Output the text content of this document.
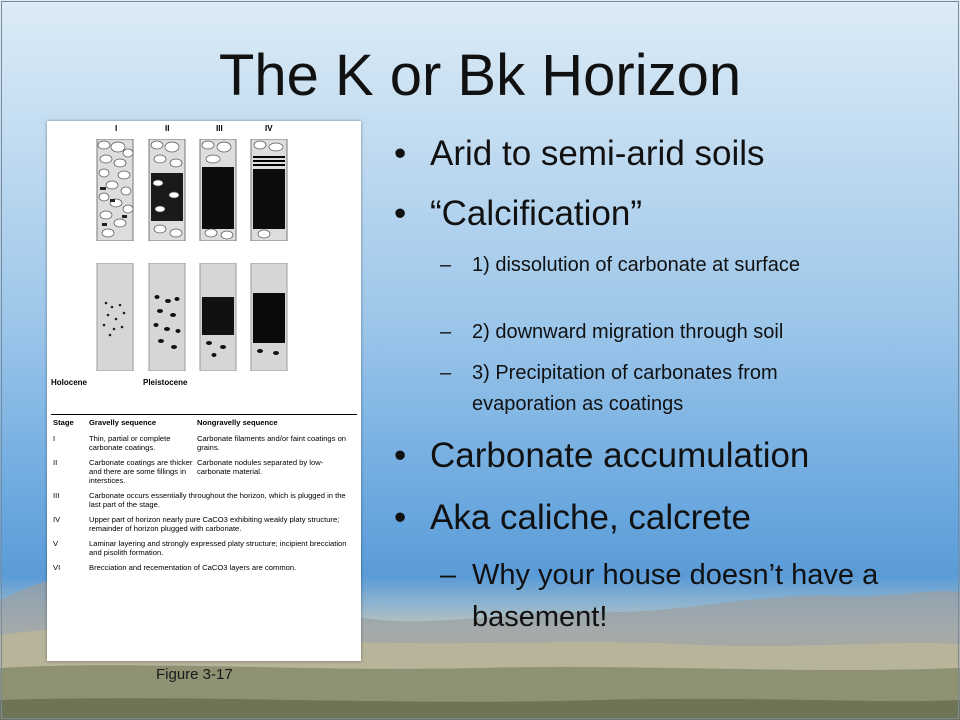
The K or Bk Horizon
I	II	III	IV
Holocene	Pleistocene
Stage	Gravelly sequence	Nongravelly sequence
I	Thin, partial or complete carbonate coatings.	Carbonate filaments and/or faint coatings on grains.
II	Carbonate coatings are thicker and there are some fillings in interstices.	Carbonate nodules separated by low-carbonate material.
III	Carbonate occurs essentially throughout the horizon, which is plugged in the last part of the stage.	
IV	Upper part of horizon nearly pure CaCO3 exhibiting weakly platy structure; remainder of horizon plugged with carbonate.	
V	Laminar layering and strongly expressed platy structure; incipient brecciation and pisolith formation.	
VI	Brecciation and recementation of CaCO3 layers are common.	
Figure 3-17
• Arid to semi-arid soils
• “Calcification”
– 1) dissolution of carbonate at surface
– 2) downward migration through soil
– 3) Precipitation of carbonates from evaporation as coatings
• Carbonate accumulation
• Aka caliche, calcrete
– Why your house doesn’t have a basement!
